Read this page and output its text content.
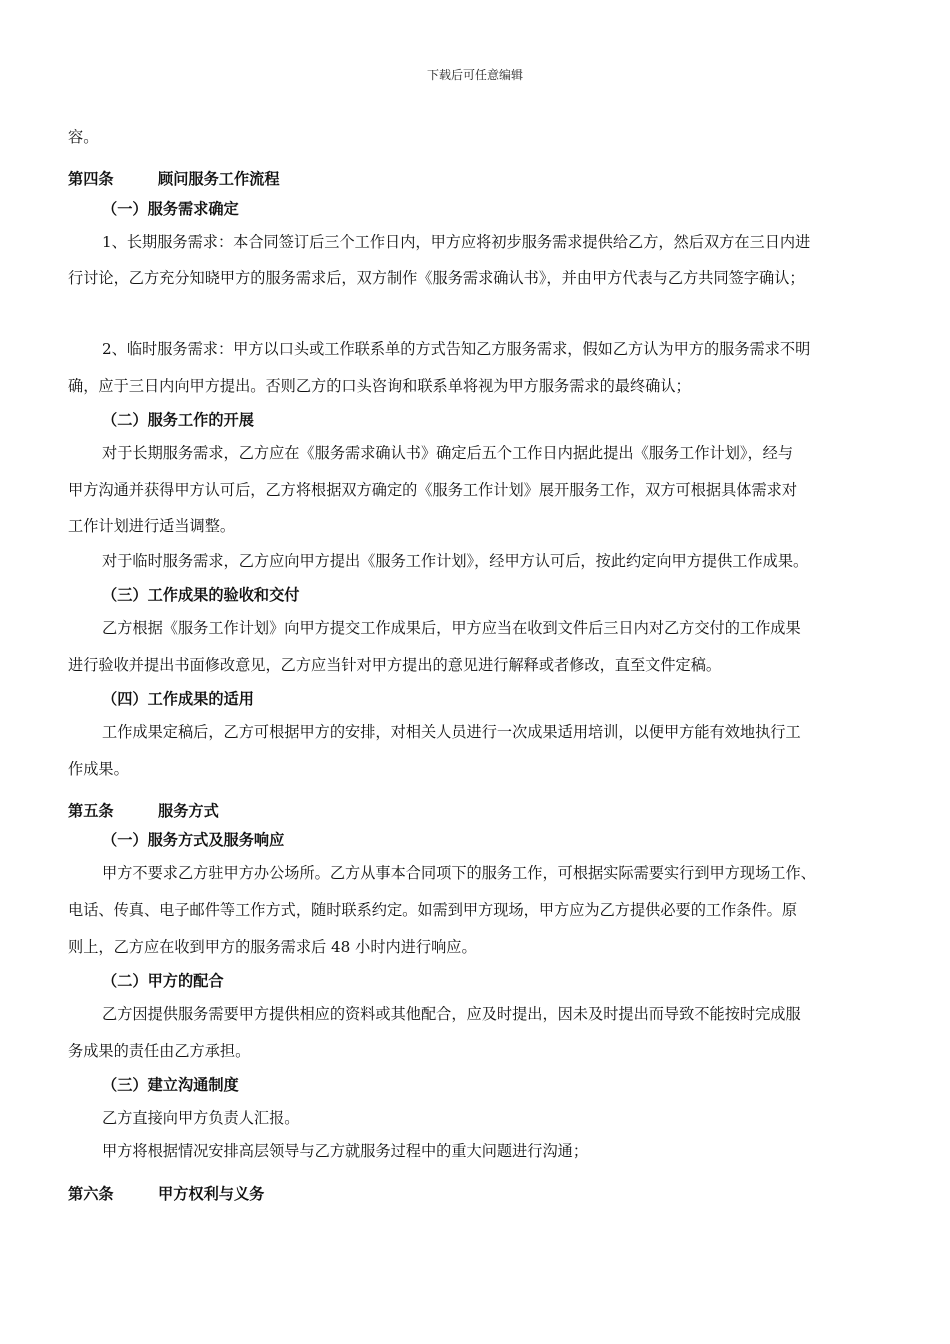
下载后可任意编辑
容。
第四条	顾问服务工作流程
（一）服务需求确定
1、长期服务需求：本合同签订后三个工作日内，甲方应将初步服务需求提供给乙方，然后双方在三日内进
行讨论，乙方充分知晓甲方的服务需求后，双方制作《服务需求确认书》，并由甲方代表与乙方共同签字确认；
2、临时服务需求：甲方以口头或工作联系单的方式告知乙方服务需求，假如乙方认为甲方的服务需求不明
确，应于三日内向甲方提出。否则乙方的口头咨询和联系单将视为甲方服务需求的最终确认；
（二）服务工作的开展
对于长期服务需求，乙方应在《服务需求确认书》确定后五个工作日内据此提出《服务工作计划》，经与
甲方沟通并获得甲方认可后，乙方将根据双方确定的《服务工作计划》展开服务工作，双方可根据具体需求对
工作计划进行适当调整。
对于临时服务需求，乙方应向甲方提出《服务工作计划》，经甲方认可后，按此约定向甲方提供工作成果。
（三）工作成果的验收和交付
乙方根据《服务工作计划》向甲方提交工作成果后，甲方应当在收到文件后三日内对乙方交付的工作成果
进行验收并提出书面修改意见，乙方应当针对甲方提出的意见进行解释或者修改，直至文件定稿。
（四）工作成果的适用
工作成果定稿后，乙方可根据甲方的安排，对相关人员进行一次成果适用培训，以便甲方能有效地执行工
作成果。
第五条	服务方式
（一）服务方式及服务响应
甲方不要求乙方驻甲方办公场所。乙方从事本合同项下的服务工作，可根据实际需要实行到甲方现场工作、
电话、传真、电子邮件等工作方式，随时联系约定。如需到甲方现场，甲方应为乙方提供必要的工作条件。原
则上，乙方应在收到甲方的服务需求后 48 小时内进行响应。
（二）甲方的配合
乙方因提供服务需要甲方提供相应的资料或其他配合，应及时提出，因未及时提出而导致不能按时完成服
务成果的责任由乙方承担。
（三）建立沟通制度
乙方直接向甲方负责人汇报。
甲方将根据情况安排高层领导与乙方就服务过程中的重大问题进行沟通；
第六条	甲方权利与义务
